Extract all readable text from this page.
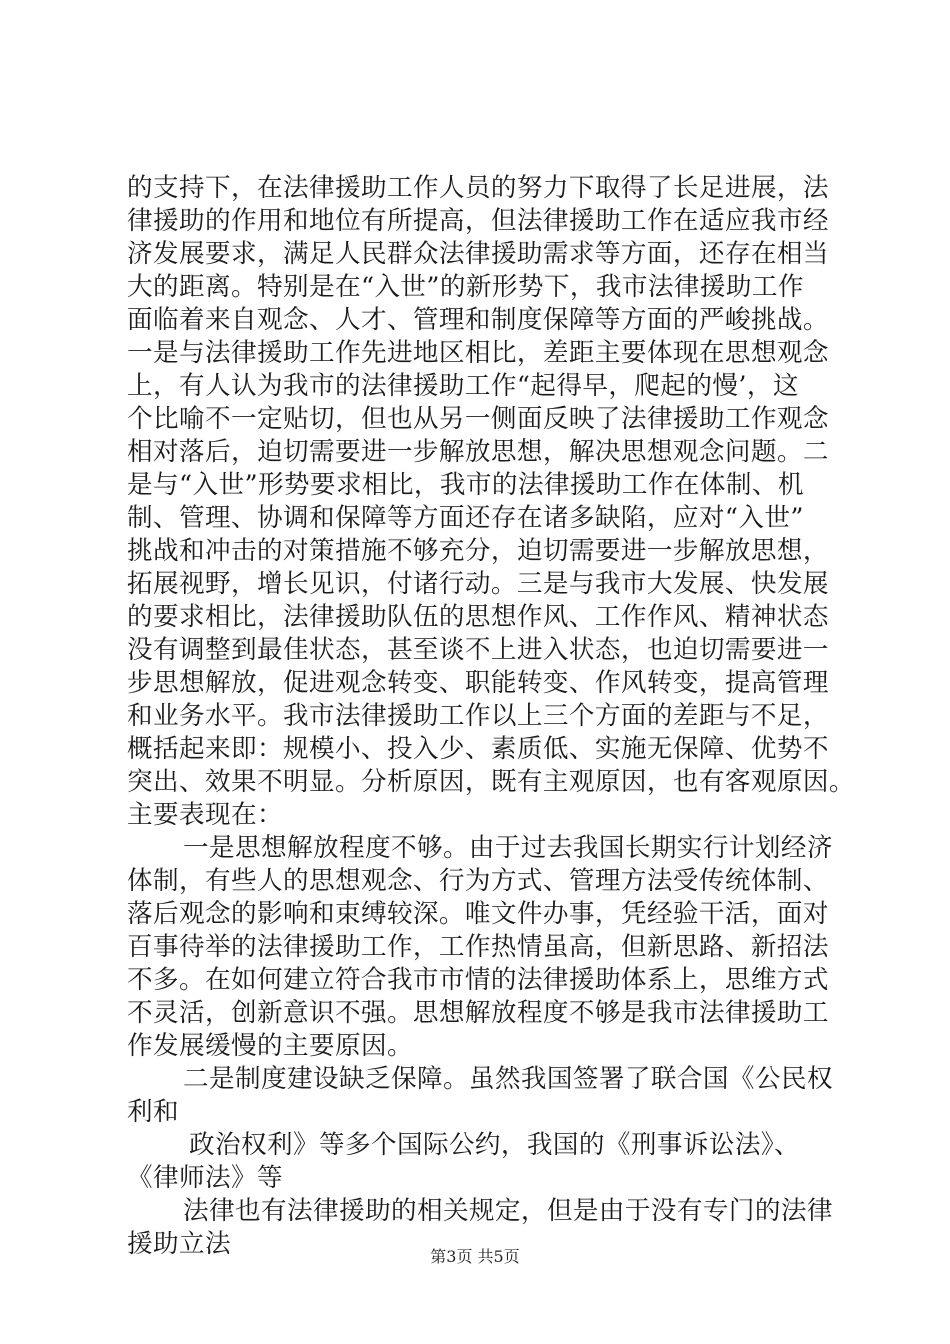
的支持下，在法律援助工作人员的努力下取得了长足进展，法
律援助的作用和地位有所提高，但法律援助工作在适应我市经
济发展要求，满足人民群众法律援助需求等方面，还存在相当
大的距离。特别是在“入世”的新形势下，我市法律援助工作
面临着来自观念、人才、管理和制度保障等方面的严峻挑战。
一是与法律援助工作先进地区相比，差距主要体现在思想观念
上，有人认为我市的法律援助工作“起得早，爬起的慢’，这
个比喻不一定贴切，但也从另一侧面反映了法律援助工作观念
相对落后，迫切需要进一步解放思想，解决思想观念问题。二
是与“入世”形势要求相比，我市的法律援助工作在体制、机
制、管理、协调和保障等方面还存在诸多缺陷，应对“入世”
挑战和冲击的对策措施不够充分，迫切需要进一步解放思想，
拓展视野，增长见识，付诸行动。三是与我市大发展、快发展
的要求相比，法律援助队伍的思想作风、工作作风、精神状态
没有调整到最佳状态，甚至谈不上进入状态，也迫切需要进一
步思想解放，促进观念转变、职能转变、作风转变，提高管理
和业务水平。我市法律援助工作以上三个方面的差距与不足，
概括起来即：规模小、投入少、素质低、实施无保障、优势不
突出、效果不明显。分析原因，既有主观原因，也有客观原因。
主要表现在：
一是思想解放程度不够。由于过去我国长期实行计划经济
体制，有些人的思想观念、行为方式、管理方法受传统体制、
落后观念的影响和束缚较深。唯文件办事，凭经验干活，面对
百事待举的法律援助工作，工作热情虽高，但新思路、新招法
不多。在如何建立符合我市市情的法律援助体系上，思维方式
不灵活，创新意识不强。思想解放程度不够是我市法律援助工
作发展缓慢的主要原因。
二是制度建设缺乏保障。虽然我国签署了联合国《公民权
利和
政治权利》等多个国际公约，我国的《刑事诉讼法》、
《律师法》等
法律也有法律援助的相关规定，但是由于没有专门的法律
援助立法	第3页 共5页
